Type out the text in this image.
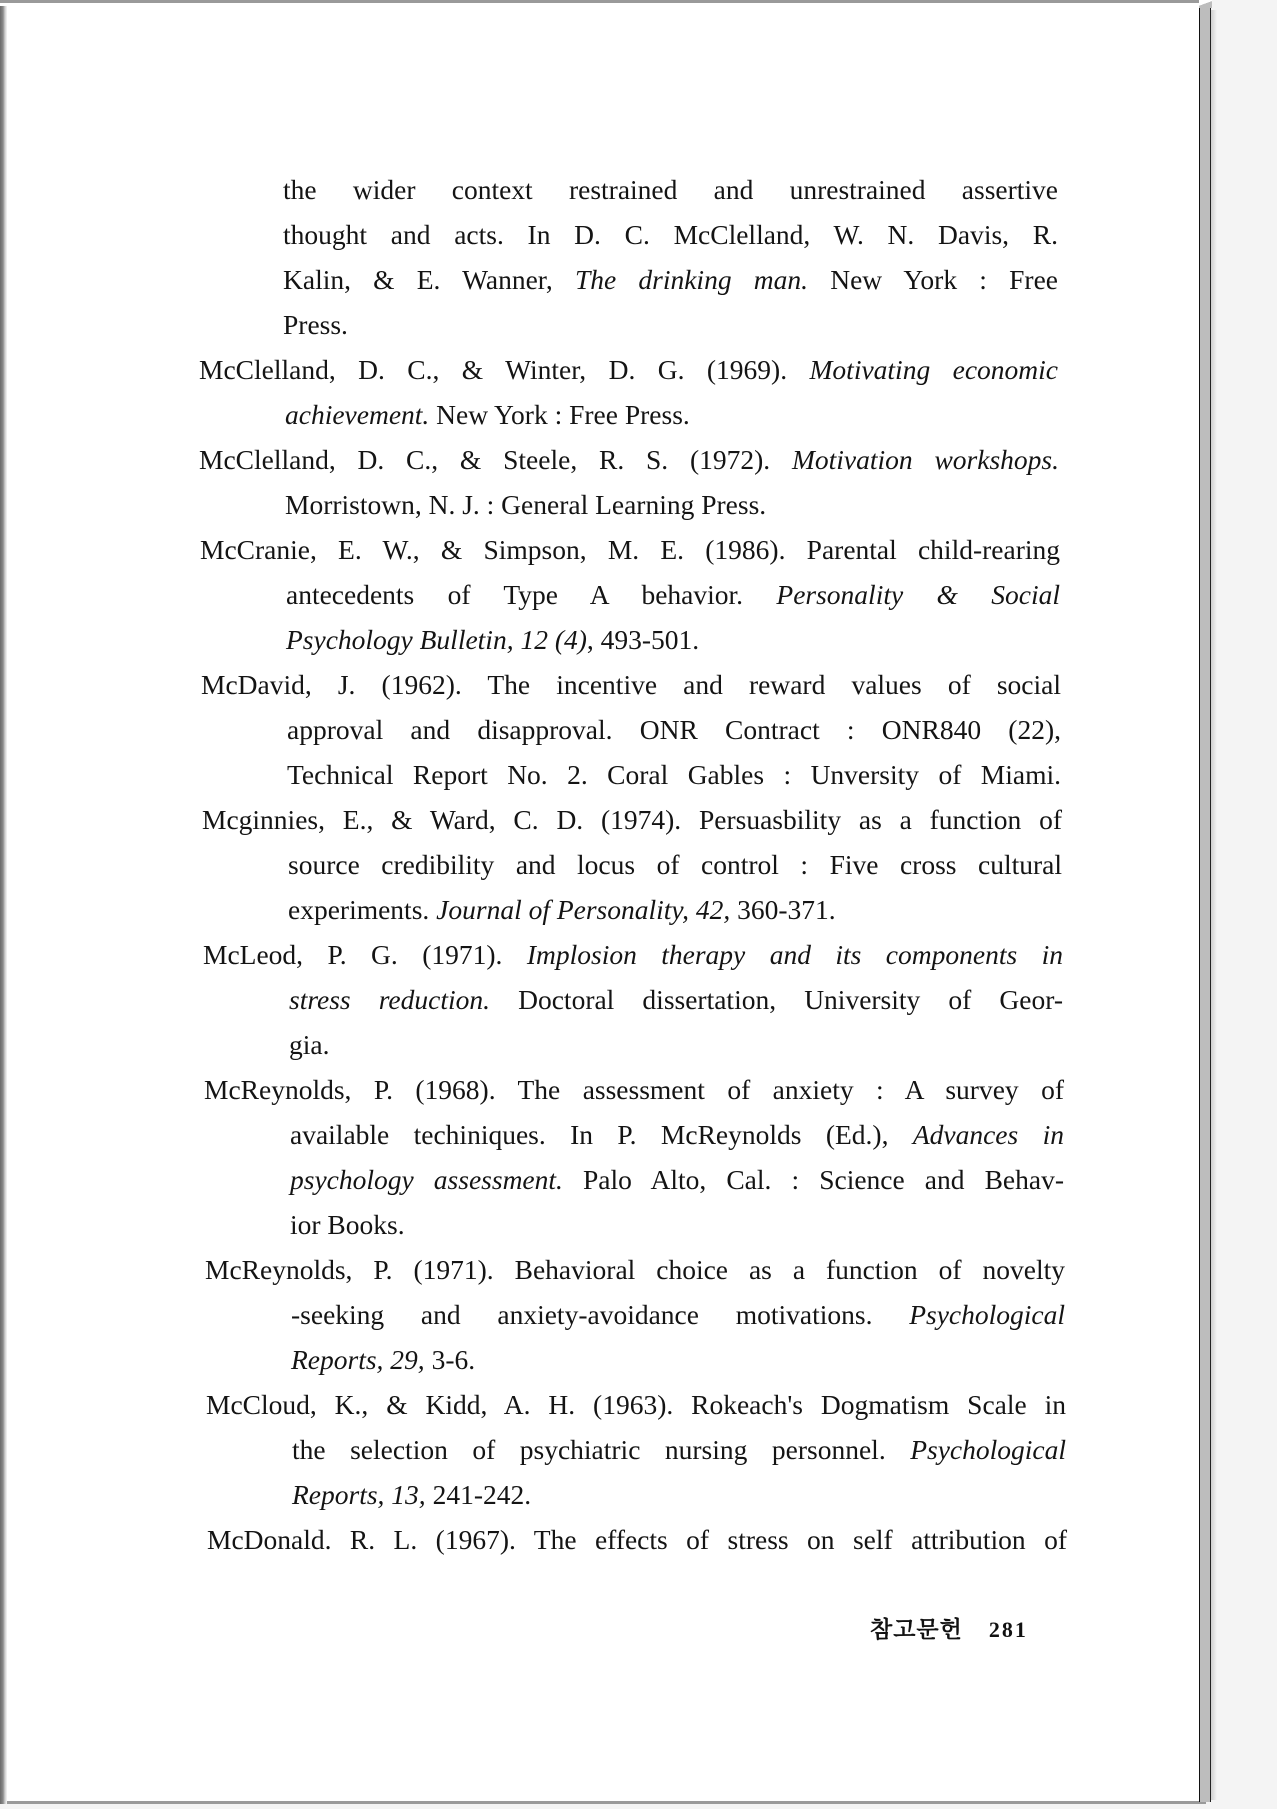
the wider context restrained and unrestrained assertive
thought and acts. In D. C. McClelland, W. N. Davis, R.
Kalin, & E. Wanner, The drinking man. New York : Free
Press.
McClelland, D. C., & Winter, D. G. (1969). Motivating economic
achievement. New York : Free Press.
McClelland, D. C., & Steele, R. S. (1972). Motivation workshops.
Morristown, N. J. : General Learning Press.
McCranie, E. W., & Simpson, M. E. (1986). Parental child-rearing
antecedents of Type A behavior. Personality & Social
Psychology Bulletin, 12 (4), 493-501.
McDavid, J. (1962). The incentive and reward values of social
approval and disapproval. ONR Contract : ONR840 (22),
Technical Report No. 2. Coral Gables : Unversity of Miami.
Mcginnies, E., & Ward, C. D. (1974). Persuasbility as a function of
source credibility and locus of control : Five cross cultural
experiments. Journal of Personality, 42, 360-371.
McLeod, P. G. (1971). Implosion therapy and its components in
stress reduction. Doctoral dissertation, University of Geor-
gia.
McReynolds, P. (1968). The assessment of anxiety : A survey of
available techiniques. In P. McReynolds (Ed.), Advances in
psychology assessment. Palo Alto, Cal. : Science and Behav-
ior Books.
McReynolds, P. (1971). Behavioral choice as a function of novelty
-seeking and anxiety-avoidance motivations. Psychological
Reports, 29, 3-6.
McCloud, K., & Kidd, A. H. (1963). Rokeach's Dogmatism Scale in
the selection of psychiatric nursing personnel. Psychological
Reports, 13, 241-242.
McDonald. R. L. (1967). The effects of stress on self attribution of
참고문헌 281
